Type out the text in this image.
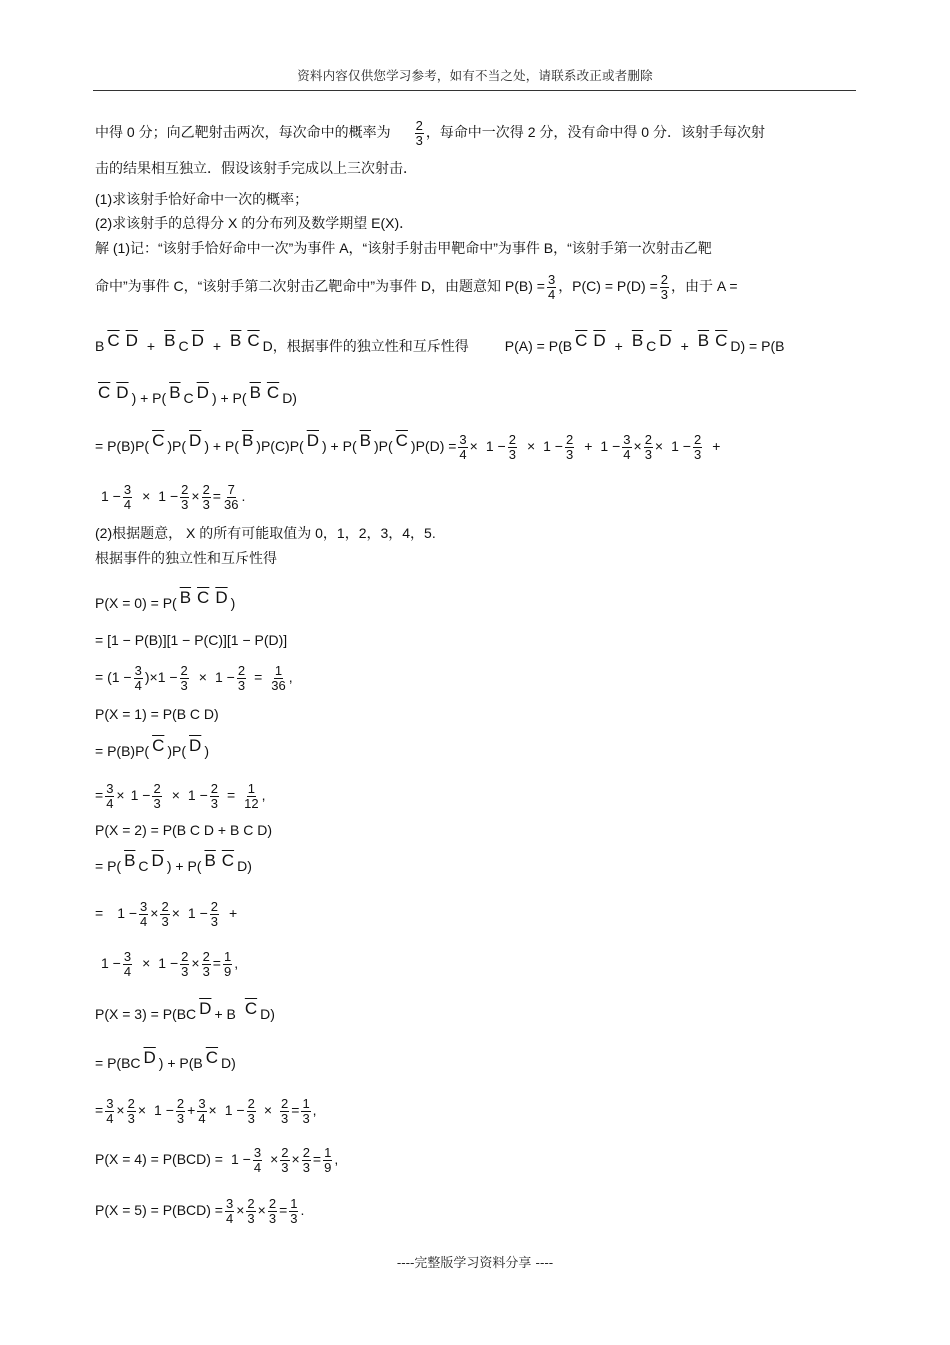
资料内容仅供您学习参考，如有不当之处，请联系改正或者删除
中得 0 分；向乙靶射击两次，每次命中的概率为 $\frac{2}{3}$ ，每命中一次得 2 分，没有命中得 0 分．该射手每次射
击的结果相互独立．假设该射手完成以上三次射击．
(1)求该射手恰好命中一次的概率；
(2)求该射手的总得分 X 的分布列及数学期望 E(X)．
解 (1)记：“该射手恰好命中一次”为事件 A，“该射手射击甲靶命中”为事件 B，“该射手第一次射击乙靶
命中”为事件 C，“该射手第二次射击乙靶命中”为事件 D，由题意知 $P(B) = \frac{3}{4}$ ，$P(C) = P(D) = \frac{2}{3}$ ，由于 A =
B $\overline{C}$ $\overline{D} + \overline{B}$ C $\overline{D} + \overline{B}$ $\overline{C}$ D，根据事件的独立性和互斥性得	P(A) = P(B $\overline{C}$ $\overline{D} + \overline{B}$ C $\overline{D} + \overline{B}$ $\overline{C}$ D) = P(B
$\overline{C}$ $\overline{D}$ ) + P( $\overline{B}$ C $\overline{D}$ ) + P( $\overline{B}$ $\overline{C}$ D)
= P(B)P( $\overline{C}$ )P( $\overline{D}$ ) + P( $\overline{B}$ )P(C)P( $\overline{D}$ ) + P( $\overline{B}$ )P( $\overline{C}$ )$P(D) = \frac{3}{4} \times 1 - \frac{2}{3} \times 1 - \frac{2}{3} + 1 - \frac{3}{4} \times \frac{2}{3} \times 1 - \frac{2}{3}$ +
$1 - \frac{3}{4} \times 1 - \frac{2}{3} \times \frac{2}{3} = \frac{7}{36}$ .
(2)根据题意， X 的所有可能取值为 0，1，2，3，4，5.
根据事件的独立性和互斥性得
P(X = 0) = P( $\overline{B}$ $\overline{C}$ $\overline{D}$ )
= [1 − P(B)][1 − P(C)][1 − P(D)]
= ($1 - \frac{3}{4}$ ) × $1 - \frac{2}{3} \times 1 - \frac{2}{3} = \frac{1}{36}$ ,
P(X = 1) = P(B C D)
= P(B)P( $\overline{C}$ )P( $\overline{D}$ )
= $\frac{3}{4} \times 1 - \frac{2}{3} \times 1 - \frac{2}{3} = \frac{1}{12}$ ,
P(X = 2) = P(B C D + B C D)
= P( $\overline{B}$ C $\overline{D}$ ) + P( $\overline{B}$ $\overline{C}$ D)
= $1 - \frac{3}{4} \times \frac{2}{3} \times 1 - \frac{2}{3}$ +
$1 - \frac{3}{4} \times 1 - \frac{2}{3} \times \frac{2}{3} = \frac{1}{9}$ ,
P(X = 3) = P(BC $\overline{D} + B$ $\overline{C}$ D)
= P(BC $\overline{D}$ ) + P(B $\overline{C}$ D)
= $\frac{3}{4} \times \frac{2}{3} \times 1 - \frac{2}{3} + \frac{3}{4} \times 1 - \frac{2}{3} \times \frac{2}{3} = \frac{1}{3}$ ,
$P(X = 4) = P(BCD) = 1 - \frac{3}{4} \times \frac{2}{3} \times \frac{2}{3} = \frac{1}{9}$ ,
$P(X = 5) = P(BCD) = \frac{3}{4} \times \frac{2}{3} \times \frac{2}{3} = \frac{1}{3}$ .
----完整版学习资料分享 ----
